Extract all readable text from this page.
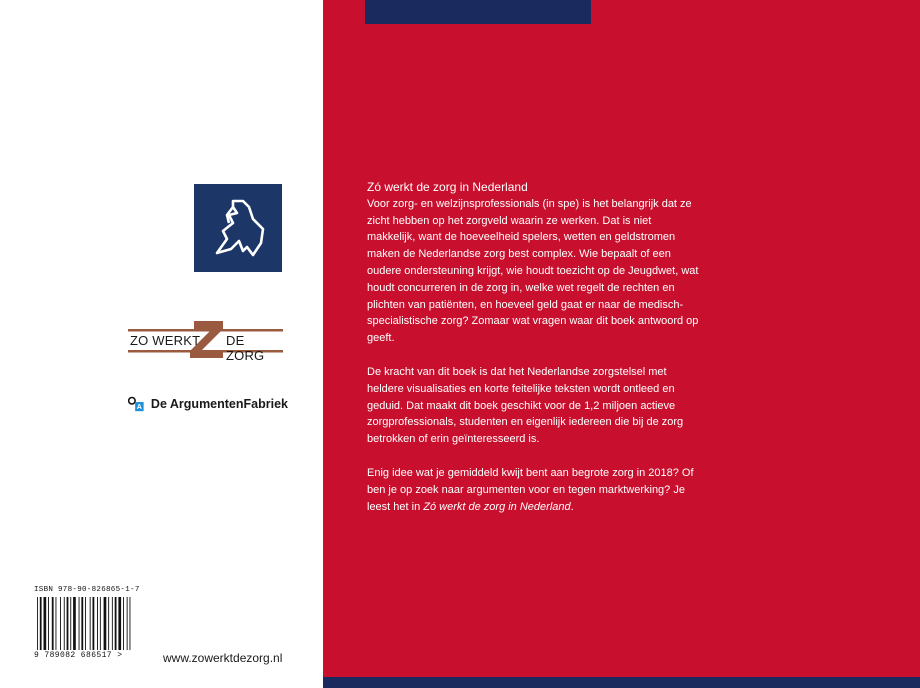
ZO WERKT DE ZORG
A De ArgumentenFabriek
ISBN 978-90-826865-1-7
9 789082 686517 >	www.zowerktdezorg.nl

Zó werkt de zorg in Nederland

Voor zorg- en welzijnsprofessionals (in spe) is het belangrijk dat ze zicht hebben op het zorgveld waarin ze werken. Dat is niet makkelijk, want de hoeveelheid spelers, wetten en geldstromen maken de Nederlandse zorg best complex. Wie bepaalt of een oudere ondersteuning krijgt, wie houdt toezicht op de Jeugdwet, wat houdt concurreren in de zorg in, welke wet regelt de rechten en plichten van patiënten, en hoeveel geld gaat er naar de medisch-specialistische zorg? Zomaar wat vragen waar dit boek antwoord op geeft.

De kracht van dit boek is dat het Nederlandse zorgstelsel met heldere visualisaties en korte feitelijke teksten wordt ontleed en geduid. Dat maakt dit boek geschikt voor de 1,2 miljoen actieve zorgprofessionals, studenten en eigenlijk iedereen die bij de zorg betrokken of erin geïnteresseerd is.

Enig idee wat je gemiddeld kwijt bent aan begrote zorg in 2018? Of ben je op zoek naar argumenten voor en tegen marktwerking? Je leest het in Zó werkt de zorg in Nederland.
